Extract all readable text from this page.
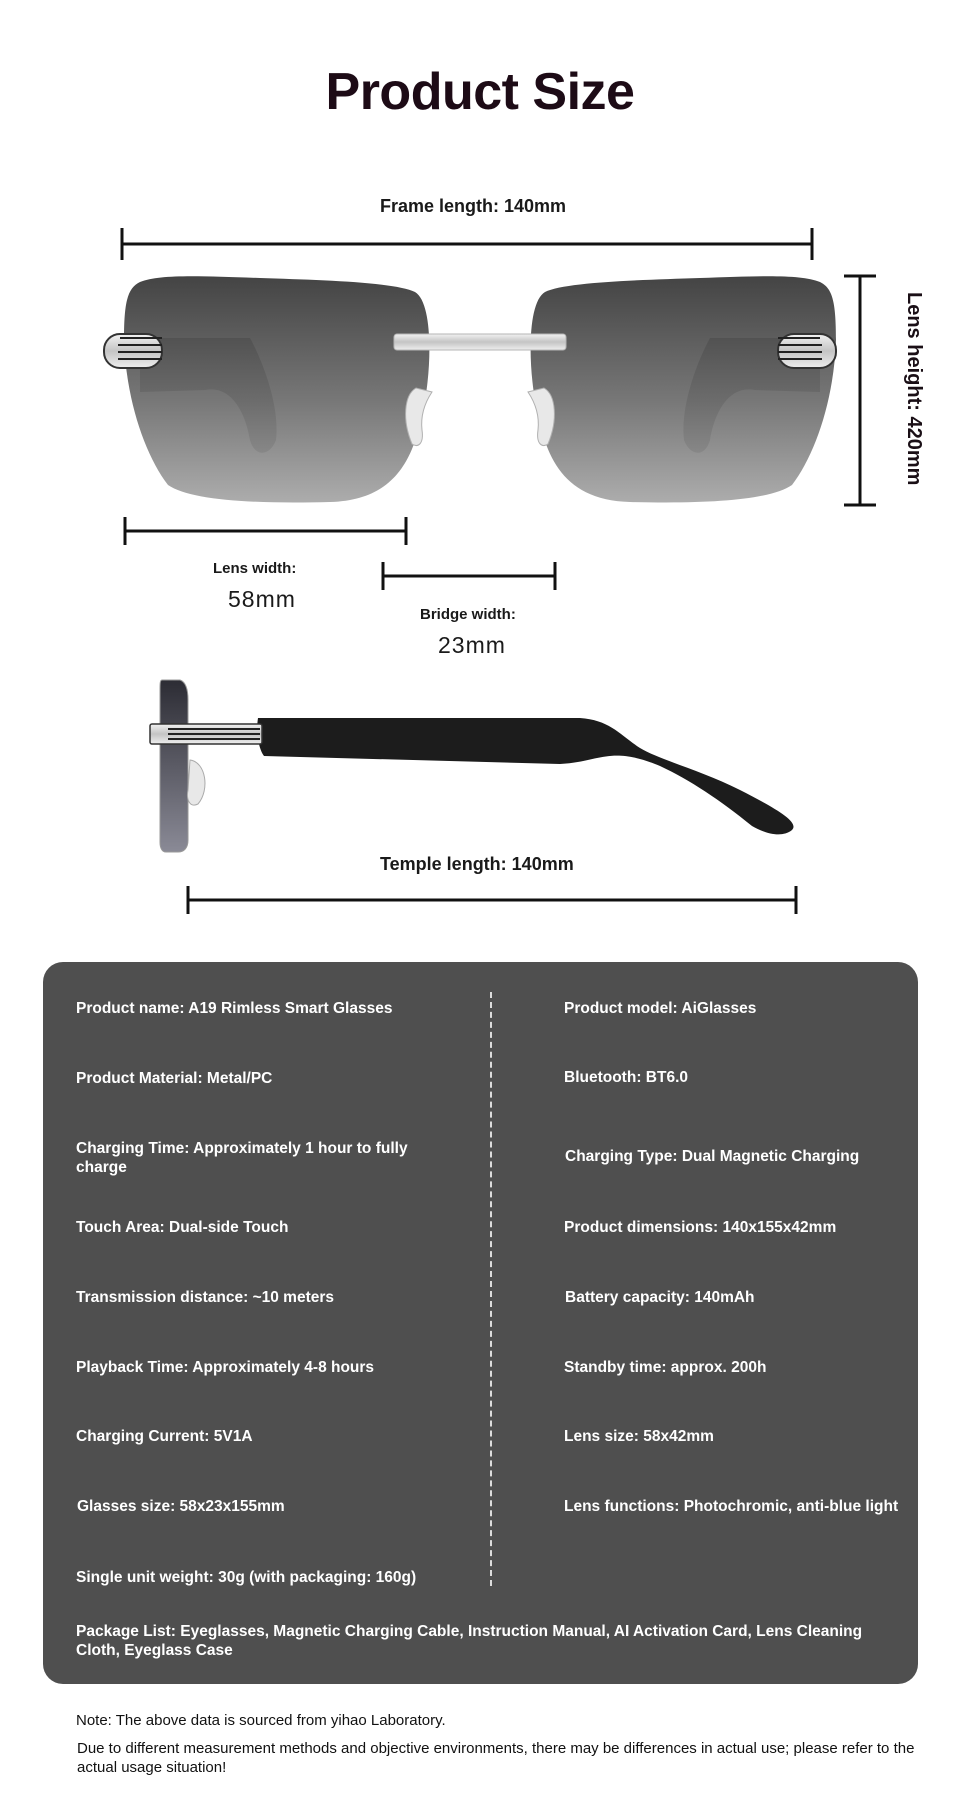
Product Size
Frame length: 140mm
Lens height: 420mm
Lens width:
58mm
Bridge width:
23mm
Temple length: 140mm
Product name: A19 Rimless Smart Glasses
Product Material: Metal/PC
Charging Time: Approximately 1 hour to fully charge
Touch Area: Dual-side Touch
Transmission distance: ~10 meters
Playback Time: Approximately 4-8 hours
Charging Current: 5V1A
Glasses size: 58x23x155mm
Single unit weight: 30g (with packaging: 160g)
Product model: AiGlasses
Bluetooth: BT6.0
Charging Type: Dual Magnetic Charging
Product dimensions: 140x155x42mm
Battery capacity: 140mAh
Standby time: approx. 200h
Lens size: 58x42mm
Lens functions: Photochromic, anti-blue light
Package List: Eyeglasses, Magnetic Charging Cable, Instruction Manual, AI Activation Card, Lens Cleaning Cloth, Eyeglass Case
Note: The above data is sourced from yihao Laboratory.
Due to different measurement methods and objective environments, there may be differences in actual use; please refer to the actual usage situation!
